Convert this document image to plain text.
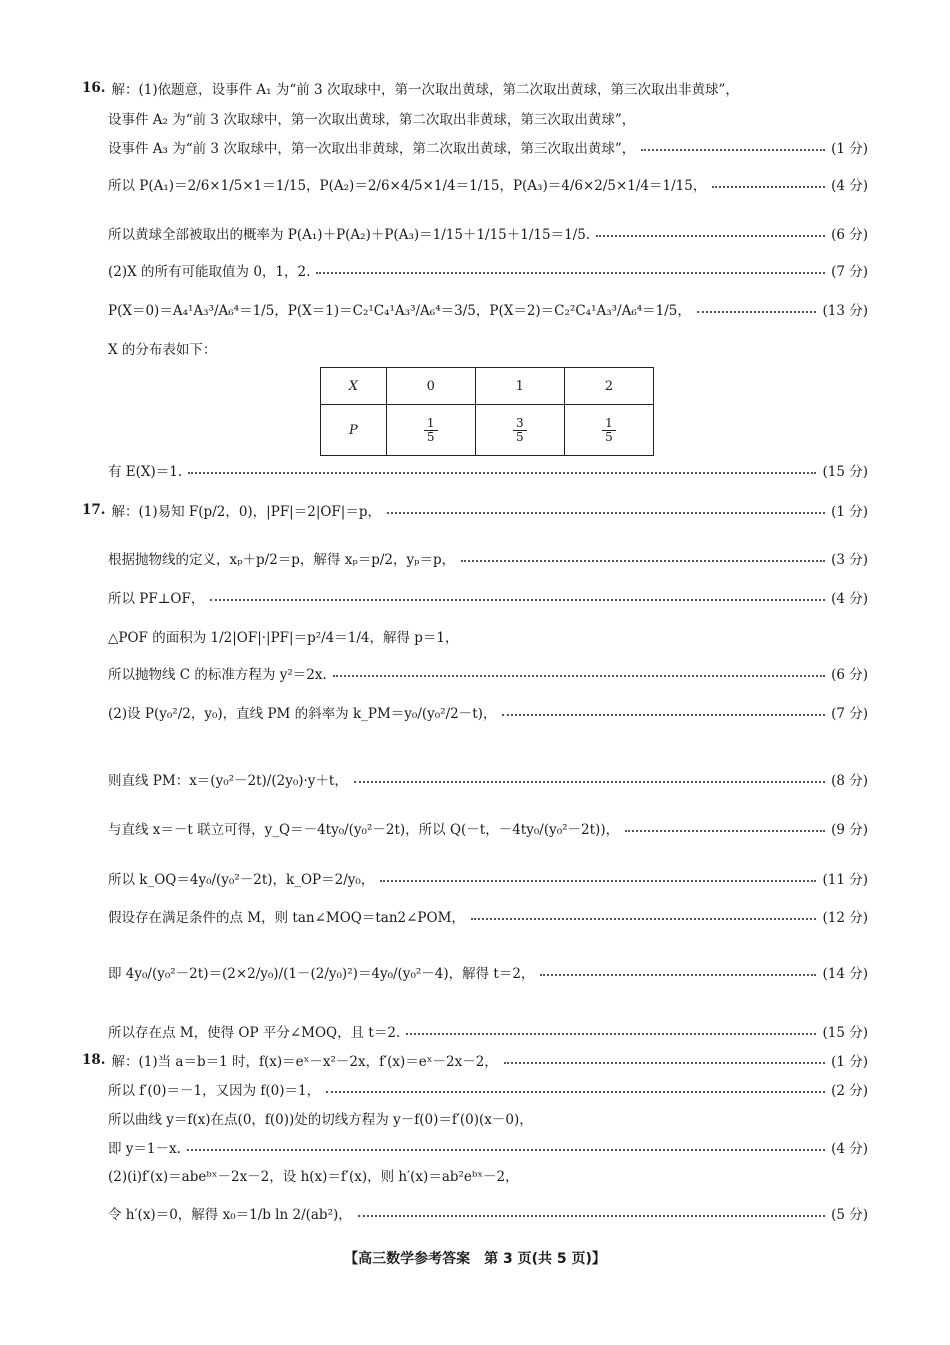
16. 解：(1)依题意，设事件 A₁ 为“前 3 次取球中，第一次取出黄球，第二次取出黄球，第三次取出非黄球”，
设事件 A₂ 为“前 3 次取球中，第一次取出黄球，第二次取出非黄球，第三次取出黄球”，
设事件 A₃ 为“前 3 次取球中，第一次取出非黄球，第二次取出黄球，第三次取出黄球”，	(1 分)
所以 P(A₁)＝2/6×1/5×1＝1/15，P(A₂)＝2/6×4/5×1/4＝1/15，P(A₃)＝4/6×2/5×1/4＝1/15，	(4 分)
所以黄球全部被取出的概率为 P(A₁)＋P(A₂)＋P(A₃)＝1/15＋1/15＋1/15＝1/5.	(6 分)
(2)X 的所有可能取值为 0，1，2.	(7 分)
P(X＝0)＝A₄¹A₃³/A₆⁴＝1/5，P(X＝1)＝C₂¹C₄¹A₃³/A₆⁴＝3/5，P(X＝2)＝C₂²C₄¹A₃³/A₆⁴＝1/5，	(13 分)
X 的分布表如下：
有 E(X)＝1.	(15 分)
17. 解：(1)易知 F(p/2，0)，|PF|＝2|OF|＝p，	(1 分)
根据抛物线的定义，xₚ＋p/2＝p，解得 xₚ＝p/2，yₚ＝p，	(3 分)
所以 PF⊥OF，	(4 分)
△POF 的面积为 1/2|OF|·|PF|＝p²/4＝1/4，解得 p＝1，
所以抛物线 C 的标准方程为 y²＝2x.	(6 分)
(2)设 P(y₀²/2，y₀)，直线 PM 的斜率为 k_PM＝y₀/(y₀²/2－t)，	(7 分)
则直线 PM：x＝(y₀²－2t)/(2y₀)·y＋t，	(8 分)
与直线 x＝－t 联立可得，y_Q＝－4ty₀/(y₀²－2t)，所以 Q(－t，－4ty₀/(y₀²－2t))，	(9 分)
所以 k_OQ＝4y₀/(y₀²－2t)，k_OP＝2/y₀，	(11 分)
假设存在满足条件的点 M，则 tan∠MOQ＝tan2∠POM，	(12 分)
即 4y₀/(y₀²－2t)＝(2×2/y₀)/(1－(2/y₀)²)＝4y₀/(y₀²－4)，解得 t＝2，	(14 分)
所以存在点 M，使得 OP 平分∠MOQ，且 t＝2.	(15 分)
18. 解：(1)当 a＝b＝1 时，f(x)＝eˣ－x²－2x，f′(x)＝eˣ－2x－2，	(1 分)
所以 f′(0)＝－1，又因为 f(0)＝1，	(2 分)
所以曲线 y＝f(x)在点(0，f(0))处的切线方程为 y－f(0)＝f′(0)(x－0)，
即 y＝1－x.	(4 分)
(2)(i)f′(x)＝abeᵇˣ－2x－2，设 h(x)＝f′(x)，则 h′(x)＝ab²eᵇˣ－2，
令 h′(x)＝0，解得 x₀＝1/b ln 2/(ab²)，	(5 分)
X	0	1	2
P	$\frac{1}{5}$	$\frac{3}{5}$	$\frac{1}{5}$
【高三数学参考答案　第 3 页(共 5 页)】
